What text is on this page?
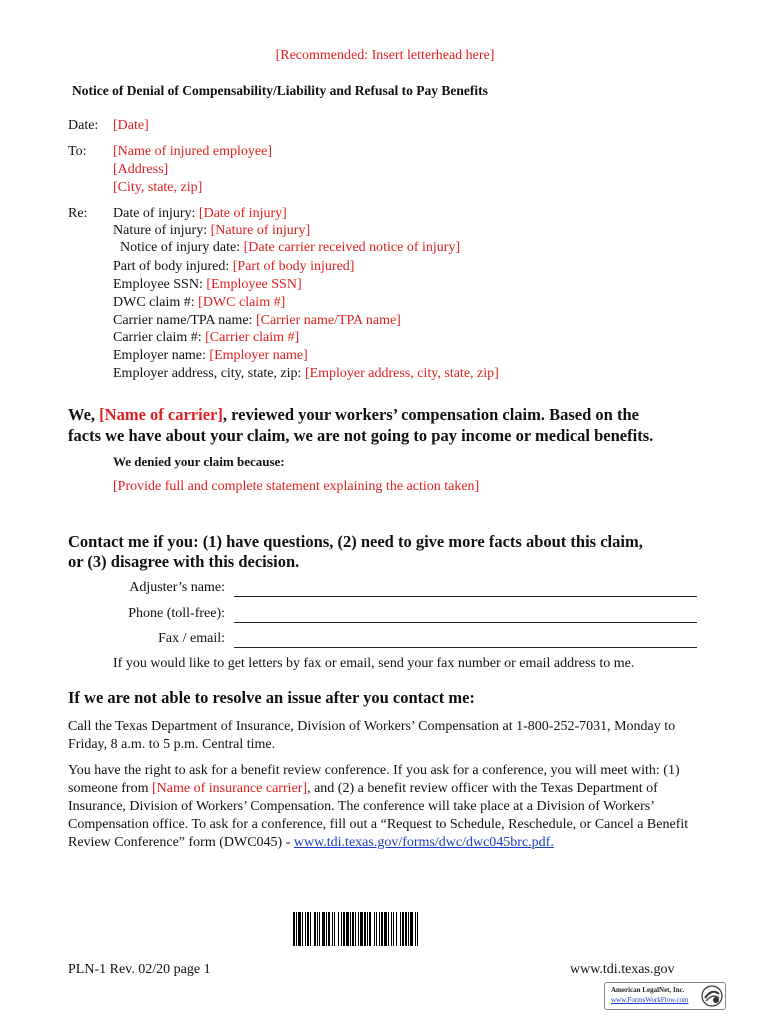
[Recommended: Insert letterhead here]
Notice of Denial of Compensability/Liability and Refusal to Pay Benefits
Date: [Date]
To: [Name of injured employee]
[Address]
[City, state, zip]
Re: Date of injury: [Date of injury]
Nature of injury: [Nature of injury]
Notice of injury date: [Date carrier received notice of injury]
Part of body injured: [Part of body injured]
Employee SSN: [Employee SSN]
DWC claim #: [DWC claim #]
Carrier name/TPA name: [Carrier name/TPA name]
Carrier claim #: [Carrier claim #]
Employer name: [Employer name]
Employer address, city, state, zip: [Employer address, city, state, zip]
We, [Name of carrier], reviewed your workers’ compensation claim. Based on the
facts we have about your claim, we are not going to pay income or medical benefits.
We denied your claim because:
[Provide full and complete statement explaining the action taken]
Contact me if you: (1) have questions, (2) need to give more facts about this claim,
or (3) disagree with this decision.
Adjuster’s name:
Phone (toll-free):
Fax / email:
If you would like to get letters by fax or email, send your fax number or email address to me.
If we are not able to resolve an issue after you contact me:
Call the Texas Department of Insurance, Division of Workers’ Compensation at 1-800-252-7031, Monday to Friday, 8 a.m. to 5 p.m. Central time.
You have the right to ask for a benefit review conference. If you ask for a conference, you will meet with: (1) someone from [Name of insurance carrier], and (2) a benefit review officer with the Texas Department of Insurance, Division of Workers’ Compensation. The conference will take place at a Division of Workers’ Compensation office. To ask for a conference, fill out a “Request to Schedule, Reschedule, or Cancel a Benefit Review Conference” form (DWC045) - www.tdi.texas.gov/forms/dwc/dwc045brc.pdf.
PLN-1 Rev. 02/20 page 1	www.tdi.texas.gov
American LegalNet, Inc.
www.FormsWorkFlow.com
